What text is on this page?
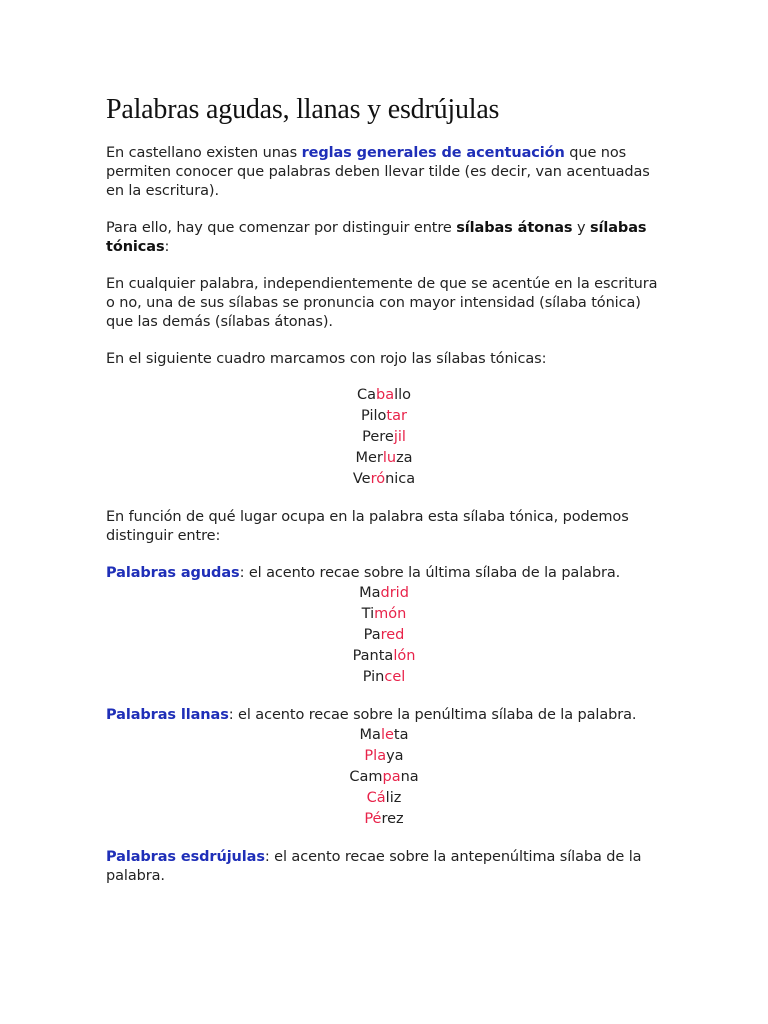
Palabras agudas, llanas y esdrújulas

En castellano existen unas reglas generales de acentuación que nos permiten conocer que palabras deben llevar tilde (es decir, van acentuadas en la escritura).

Para ello, hay que comenzar por distinguir entre sílabas átonas y sílabas tónicas:

En cualquier palabra, independientemente de que se acentúe en la escritura o no, una de sus sílabas se pronuncia con mayor intensidad (sílaba tónica) que las demás (sílabas átonas).

En el siguiente cuadro marcamos con rojo las sílabas tónicas:

Caballo
Pilotar
Perejil
Merluza
Verónica

En función de qué lugar ocupa en la palabra esta sílaba tónica, podemos distinguir entre:

Palabras agudas: el acento recae sobre la última sílaba de la palabra.

Madrid
Timón
Pared
Pantalón
Pincel

Palabras llanas: el acento recae sobre la penúltima sílaba de la palabra.

Maleta
Playa
Campana
Cáliz
Pérez

Palabras esdrújulas: el acento recae sobre la antepenúltima sílaba de la palabra.
